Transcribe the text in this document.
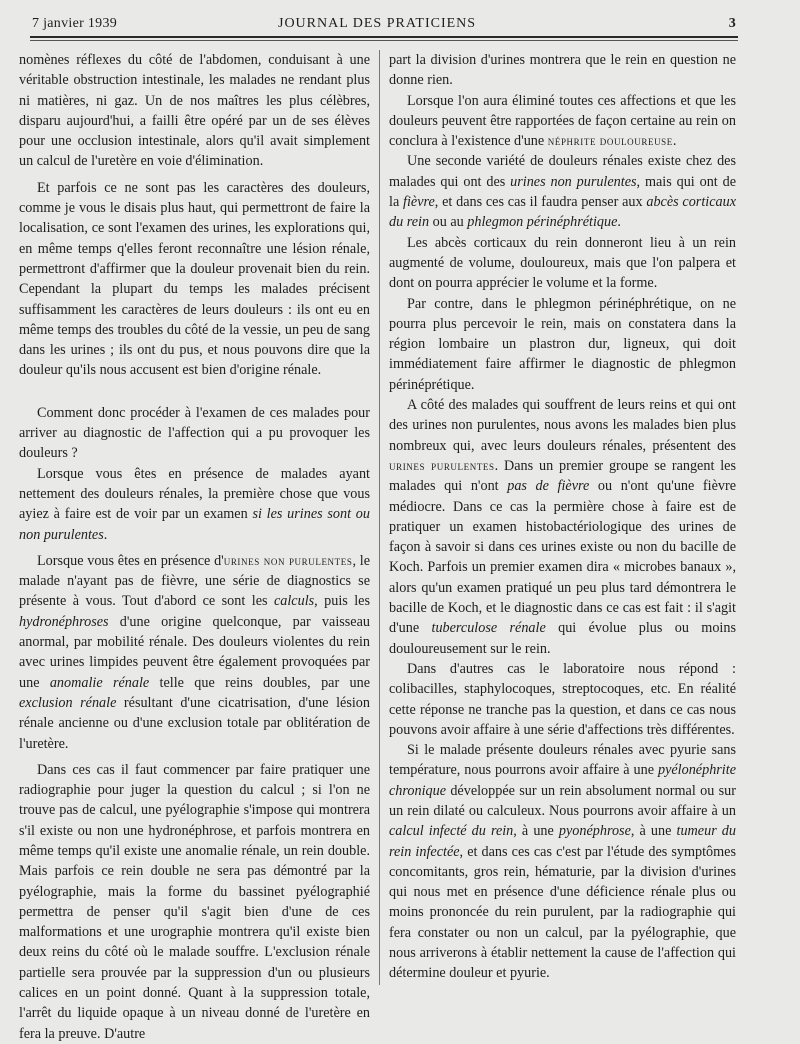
7 janvier 1939	JOURNAL DES PRATICIENS	3

nomènes réflexes du côté de l'abdomen, conduisant à une véritable obstruction intestinale, les malades ne rendant plus ni matières, ni gaz. Un de nos maîtres les plus célèbres, disparu aujourd'hui, a failli être opéré par un de ses élèves pour une occlusion intestinale, alors qu'il avait simplement un calcul de l'uretère en voie d'élimination.

Et parfois ce ne sont pas les caractères des douleurs, comme je vous le disais plus haut, qui permettront de faire la localisation, ce sont l'examen des urines, les explorations qui, en même temps q'elles feront reconnaître une lésion rénale, permettront d'affirmer que la douleur provenait bien du rein. Cependant la plupart du temps les malades précisent suffisamment les caractères de leurs douleurs : ils ont eu en même temps des troubles du côté de la vessie, un peu de sang dans les urines ; ils ont du pus, et nous pouvons dire que la douleur qu'ils nous accusent est bien d'origine rénale.

Comment donc procéder à l'examen de ces malades pour arriver au diagnostic de l'affection qui a pu provoquer les douleurs ?

Lorsque vous êtes en présence de malades ayant nettement des douleurs rénales, la première chose que vous ayiez à faire est de voir par un examen si les urines sont ou non purulentes.

Lorsque vous êtes en présence d'urines non purulentes, le malade n'ayant pas de fièvre, une série de diagnostics se présente à vous. Tout d'abord ce sont les calculs, puis les hydronéphroses d'une origine quelconque, par vaisseau anormal, par mobilité rénale. Des douleurs violentes du rein avec urines limpides peuvent être également provoquées par une anomalie rénale telle que reins doubles, par une exclusion rénale résultant d'une cicatrisation, d'une lésion rénale ancienne ou d'une exclusion totale par oblitération de l'uretère.

Dans ces cas il faut commencer par faire pratiquer une radiographie pour juger la question du calcul ; si l'on ne trouve pas de calcul, une pyélographie s'impose qui montrera s'il existe ou non une hydronéphrose, et parfois montrera en même temps qu'il existe une anomalie rénale, un rein double. Mais parfois ce rein double ne sera pas démontré par la pyélographie, mais la forme du bassinet pyélographié permettra de penser qu'il s'agit bien d'une de ces malformations et une urographie montrera qu'il existe bien deux reins du côté où le malade souffre. L'exclusion rénale partielle sera prouvée par la suppression d'un ou plusieurs calices en un point donné. Quant à la suppression totale, l'arrêt du liquide opaque à un niveau donné de l'uretère en fera la preuve. D'autre

part la division d'urines montrera que le rein en question ne donne rien.

Lorsque l'on aura éliminé toutes ces affections et que les douleurs peuvent être rapportées de façon certaine au rein on conclura à l'existence d'une néphrite douloureuse.

Une seconde variété de douleurs rénales existe chez des malades qui ont des urines non purulentes, mais qui ont de la fièvre, et dans ces cas il faudra penser aux abcès corticaux du rein ou au phlegmon périnéphrétique.

Les abcès corticaux du rein donneront lieu à un rein augmenté de volume, douloureux, mais que l'on palpera et dont on pourra apprécier le volume et la forme.

Par contre, dans le phlegmon périnéphrétique, on ne pourra plus percevoir le rein, mais on constatera dans la région lombaire un plastron dur, ligneux, qui doit immédiatement faire affirmer le diagnostic de phlegmon périnéprétique.

A côté des malades qui souffrent de leurs reins et qui ont des urines non purulentes, nous avons les malades bien plus nombreux qui, avec leurs douleurs rénales, présentent des urines purulentes. Dans un premier groupe se rangent les malades qui n'ont pas de fièvre ou n'ont qu'une fièvre médiocre. Dans ce cas la permière chose à faire est de pratiquer un examen histobactériologique des urines de façon à savoir si dans ces urines existe ou non du bacille de Koch. Parfois un premier examen dira « microbes banaux », alors qu'un examen pratiqué un peu plus tard démontrera le bacille de Koch, et le diagnostic dans ce cas est fait : il s'agit d'une tuberculose rénale qui évolue plus ou moins douloureusement sur le rein.

Dans d'autres cas le laboratoire nous répond : colibacilles, staphylocoques, streptocoques, etc. En réalité cette réponse ne tranche pas la question, et dans ce cas nous pouvons avoir affaire à une série d'affections très différentes.

Si le malade présente douleurs rénales avec pyurie sans température, nous pourrons avoir affaire à une pyélonéphrite chronique développée sur un rein absolument normal ou sur un rein dilaté ou calculeux. Nous pourrons avoir affaire à un calcul infecté du rein, à une pyonéphrose, à une tumeur du rein infectée, et dans ces cas c'est par l'étude des symptômes concomitants, gros rein, hématurie, par la division d'urines qui nous met en présence d'une déficience rénale plus ou moins prononcée du rein purulent, par la radiographie qui fera constater ou non un calcul, par la pyélographie, que nous arriverons à établir nettement la cause de l'affection qui détermine douleur et pyurie.
